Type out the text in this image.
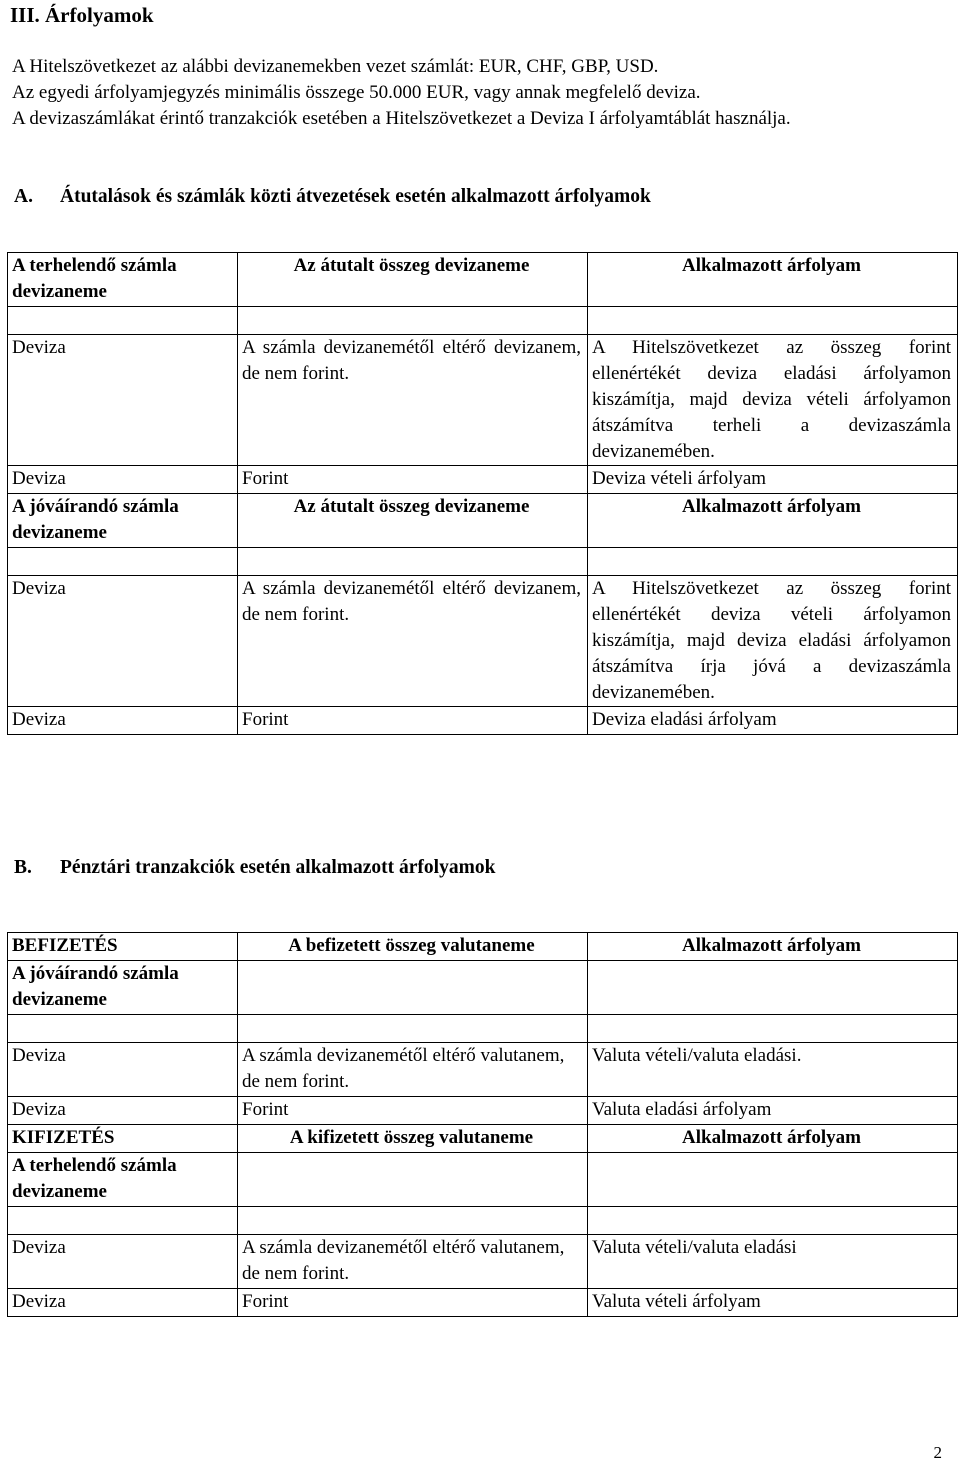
III. Árfolyamok
A Hitelszövetkezet az alábbi devizanemekben vezet számlát: EUR, CHF, GBP, USD.
Az egyedi árfolyamjegyzés minimális összege 50.000 EUR, vagy annak megfelelő deviza.
A devizaszámlákat érintő tranzakciók esetében a Hitelszövetkezet a Deviza I árfolyamtáblát használja.
A. Átutalások és számlák közti átvezetések esetén alkalmazott árfolyamok
A terhelendő számla devizaneme	Az átutalt összeg devizaneme	Alkalmazott árfolyam

Deviza	A számla devizanemétől eltérő devizanem, de nem forint.	A Hitelszövetkezet az összeg forint ellenértékét deviza eladási árfolyamon kiszámítja, majd deviza vételi árfolyamon átszámítva terheli a devizaszámla devizanemében.
Deviza	Forint	Deviza vételi árfolyam
A jóváírandó számla devizaneme	Az átutalt összeg devizaneme	Alkalmazott árfolyam

Deviza	A számla devizanemétől eltérő devizanem, de nem forint.	A Hitelszövetkezet az összeg forint ellenértékét deviza vételi árfolyamon kiszámítja, majd deviza eladási árfolyamon átszámítva írja jóvá a devizaszámla devizanemében.
Deviza	Forint	Deviza eladási árfolyam
B. Pénztári tranzakciók esetén alkalmazott árfolyamok
BEFIZETÉS	A befizetett összeg valutaneme	Alkalmazott árfolyam
A jóváírandó számla devizaneme		

Deviza	A számla devizanemétől eltérő valutanem, de nem forint.	Valuta vételi/valuta eladási.
Deviza	Forint	Valuta eladási árfolyam
KIFIZETÉS	A kifizetett összeg valutaneme	Alkalmazott árfolyam
A terhelendő számla devizaneme		

Deviza	A számla devizanemétől eltérő valutanem, de nem forint.	Valuta vételi/valuta eladási
Deviza	Forint	Valuta vételi árfolyam
2
